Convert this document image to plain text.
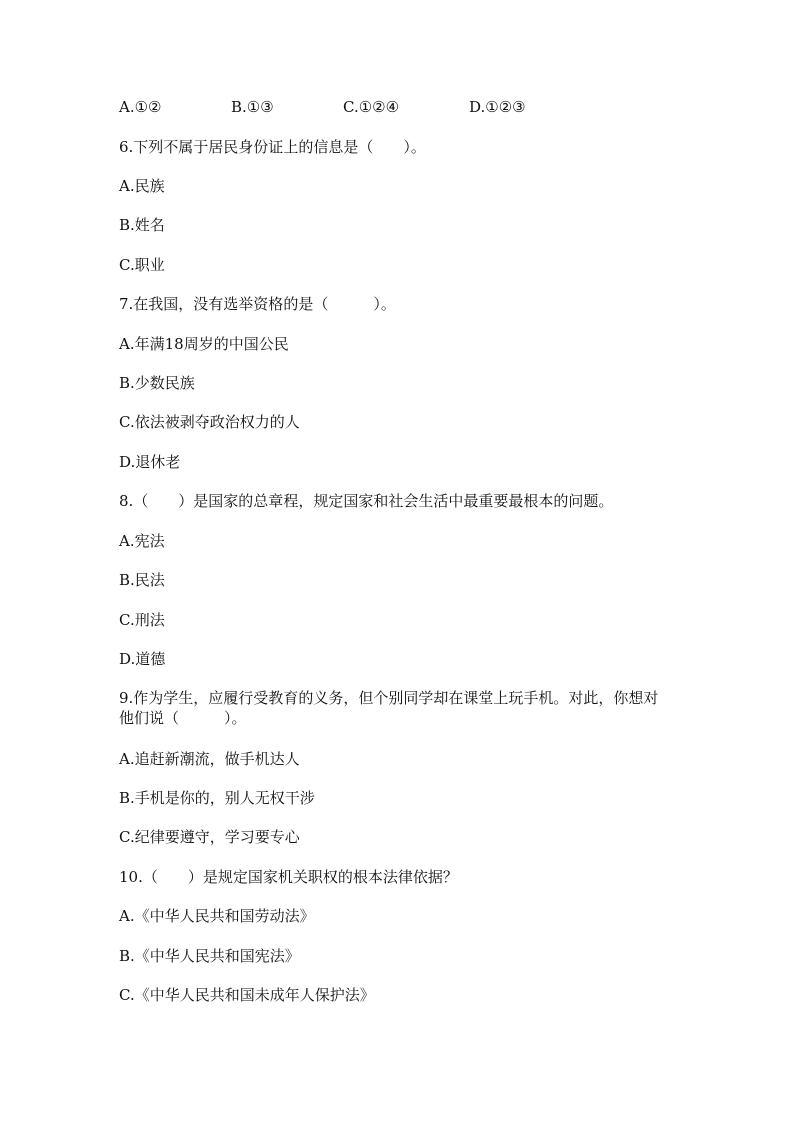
A.①②	B.①③	C.①②④	D.①②③
6.下列不属于居民身份证上的信息是（　　）。
A.民族
B.姓名
C.职业
7.在我国，没有选举资格的是（　　　）。
A.年满18周岁的中国公民
B.少数民族
C.依法被剥夺政治权力的人
D.退休老
8.（　　）是国家的总章程，规定国家和社会生活中最重要最根本的问题。
A.宪法
B.民法
C.刑法
D.道德
9.作为学生，应履行受教育的义务，但个别同学却在课堂上玩手机。对此，你想对他们说（　　　）。
A.追赶新潮流，做手机达人
B.手机是你的，别人无权干涉
C.纪律要遵守，学习要专心
10.（　　）是规定国家机关职权的根本法律依据？
A.《中华人民共和国劳动法》
B.《中华人民共和国宪法》
C.《中华人民共和国未成年人保护法》
